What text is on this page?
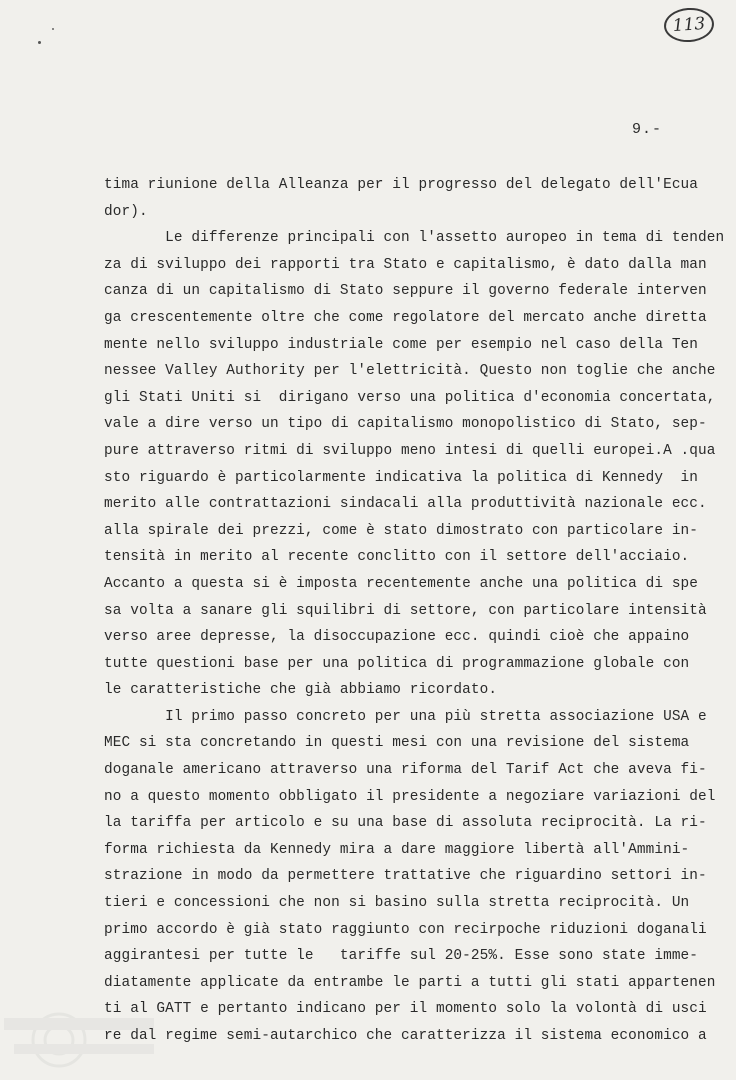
113
9.-
tima riunione della Alleanza per il progresso del delegato dell'Ecua
dor).
Le differenze principali con l'assetto auropeo in tema di tenden
za di sviluppo dei rapporti tra Stato e capitalismo, è dato dalla man
canza di un capitalismo di Stato seppure il governo federale interven
ga crescentemente oltre che come regolatore del mercato anche diretta
mente nello sviluppo industriale come per esempio nel caso della Ten
nessee Valley Authority per l'elettricità. Questo non toglie che anche
gli Stati Uniti si  dirigano verso una politica d'economia concertata,
vale a dire verso un tipo di capitalismo monopolistico di Stato, sep-
pure attraverso ritmi di sviluppo meno intesi di quelli europei.A .qua
sto riguardo è particolarmente indicativa la politica di Kennedy  in
merito alle contrattazioni sindacali alla produttività nazionale ecc.
alla spirale dei prezzi, come è stato dimostrato con particolare in-
tensità in merito al recente conclitto con il settore dell'acciaio.
Accanto a questa si è imposta recentemente anche una politica di spe
sa volta a sanare gli squilibri di settore, con particolare intensità
verso aree depresse, la disoccupazione ecc. quindi cioè che appaino
tutte questioni base per una politica di programmazione globale con
le caratteristiche che già abbiamo ricordato.
Il primo passo concreto per una più stretta associazione USA e
MEC si sta concretando in questi mesi con una revisione del sistema
doganale americano attraverso una riforma del Tarif Act che aveva fi-
no a questo momento obbligato il presidente a negoziare variazioni del
la tariffa per articolo e su una base di assoluta reciprocità. La ri-
forma richiesta da Kennedy mira a dare maggiore libertà all'Ammini-
strazione in modo da permettere trattative che riguardino settori in-
tieri e concessioni che non si basino sulla stretta reciprocità. Un
primo accordo è già stato raggiunto con recirpoche riduzioni doganali
aggirantesi per tutte le   tariffe sul 20-25%. Esse sono state imme-
diatamente applicate da entrambe le parti a tutti gli stati appartenen
ti al GATT e pertanto indicano per il momento solo la volontà di usci
re dal regime semi-autarchico che caratterizza il sistema economico a
